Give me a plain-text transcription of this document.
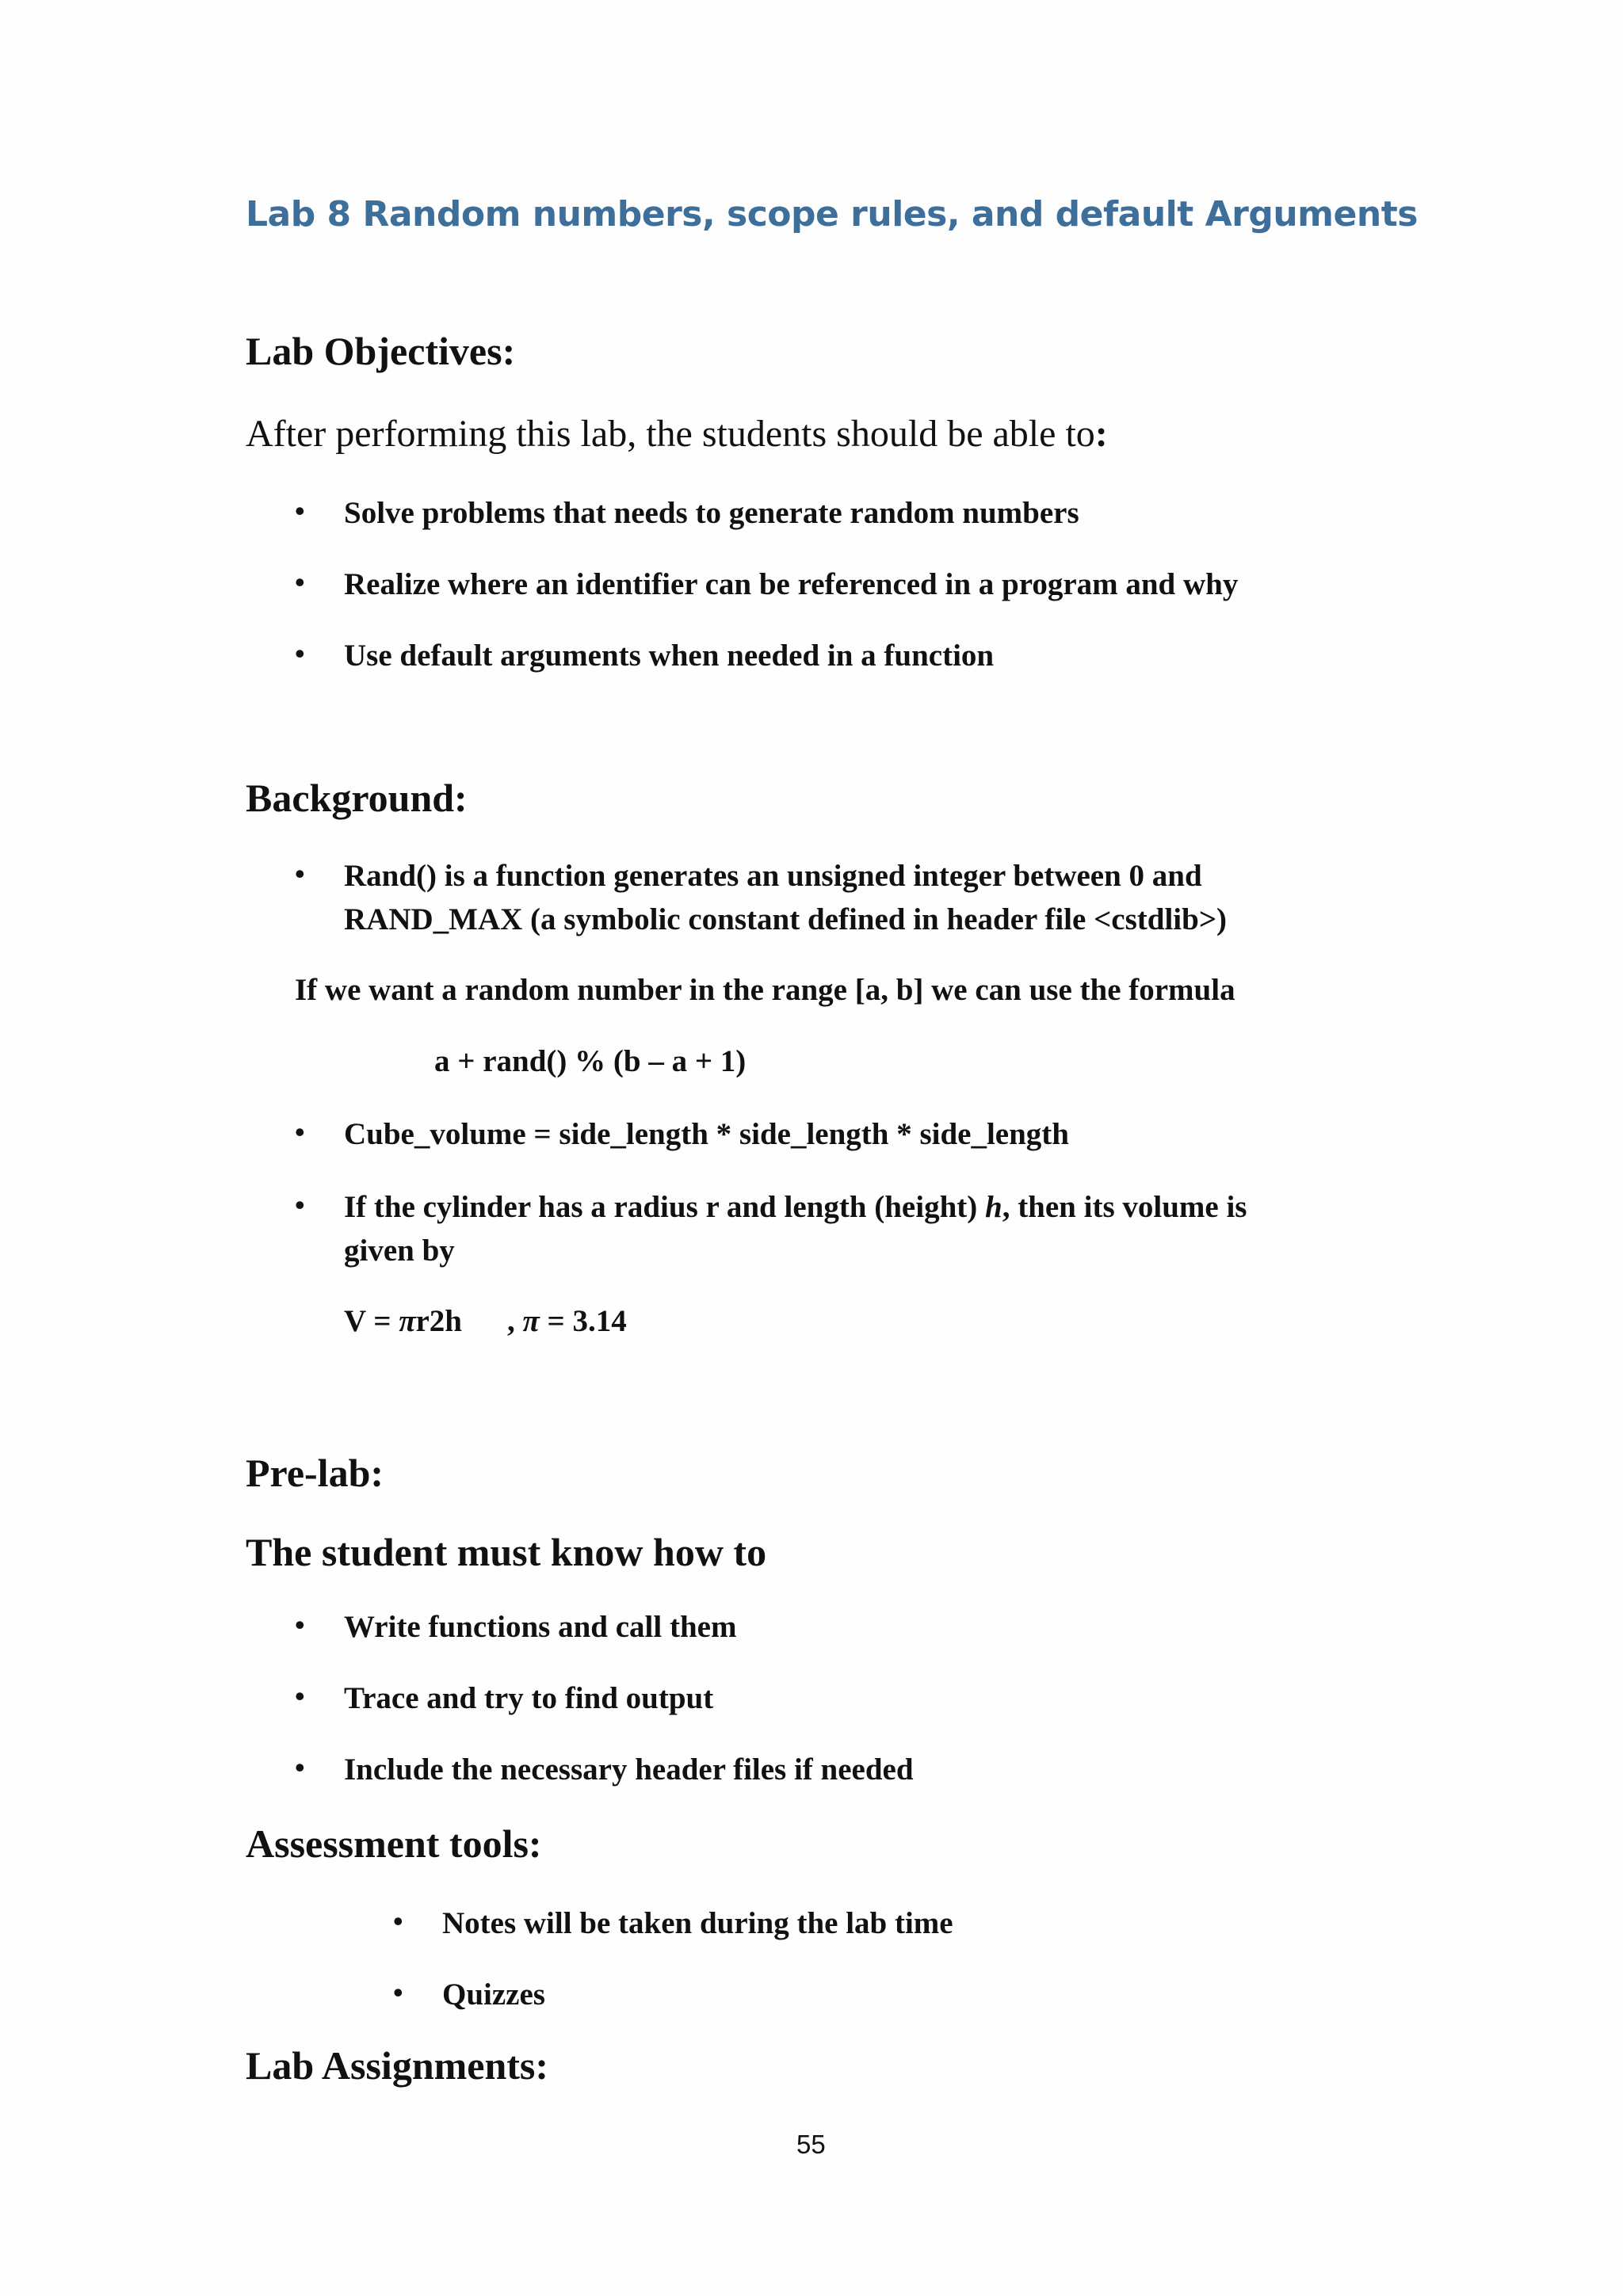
Lab 8 Random numbers, scope rules, and default Arguments
Lab Objectives:
After performing this lab, the students should be able to:
• Solve problems that needs to generate random numbers
• Realize where an identifier can be referenced in a program and why
• Use default arguments when needed in a function
Background:
• Rand() is a function generates an unsigned integer between 0 and
RAND_MAX (a symbolic constant defined in header file <cstdlib>)
If we want a random number in the range [a, b] we can use the formula
a + rand() % (b – a + 1)
• Cube_volume = side_length * side_length * side_length
• If the cylinder has a radius r and length (height) h, then its volume is
given by
V = πr2h , π = 3.14
Pre-lab:
The student must know how to
• Write functions and call them
• Trace and try to find output
• Include the necessary header files if needed
Assessment tools:
• Notes will be taken during the lab time
• Quizzes
Lab Assignments:
55
